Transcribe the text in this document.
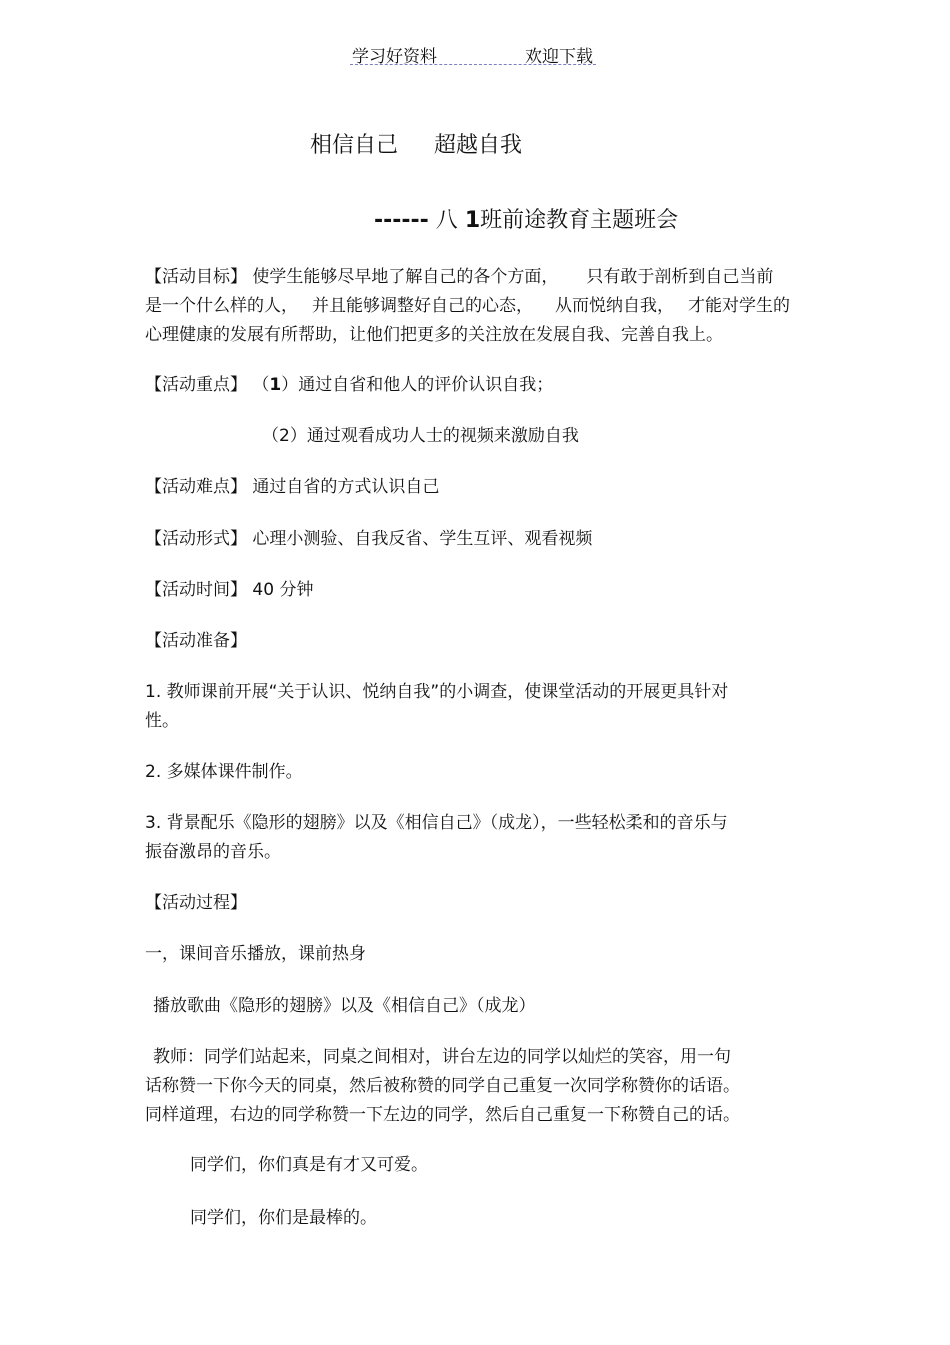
学习好资料	欢迎下载
相信自己 超越自我
------ 八 1班前途教育主题班会
【活动目标】 使学生能够尽早地了解自己的各个方面， 只有敢于剖析到自己当前
是一个什么样的人， 并且能够调整好自己的心态， 从而悦纳自我， 才能对学生的
心理健康的发展有所帮助，让他们把更多的关注放在发展自我、完善自我上。
【活动重点】 （1）通过自省和他人的评价认识自我；
（2）通过观看成功人士的视频来激励自我
【活动难点】 通过自省的方式认识自己
【活动形式】 心理小测验、自我反省、学生互评、观看视频
【活动时间】 40 分钟
【活动准备】
1. 教师课前开展“关于认识、悦纳自我”的小调查，使课堂活动的开展更具针对
性。
2. 多媒体课件制作。
3. 背景配乐《隐形的翅膀》以及《相信自己》（成龙），一些轻松柔和的音乐与
振奋激昂的音乐。
【活动过程】
一，课间音乐播放，课前热身
播放歌曲《隐形的翅膀》以及《相信自己》（成龙）
教师：同学们站起来，同桌之间相对，讲台左边的同学以灿烂的笑容，用一句
话称赞一下你今天的同桌，然后被称赞的同学自己重复一次同学称赞你的话语。
同样道理，右边的同学称赞一下左边的同学，然后自己重复一下称赞自己的话。
同学们，你们真是有才又可爱。
同学们，你们是最棒的。
